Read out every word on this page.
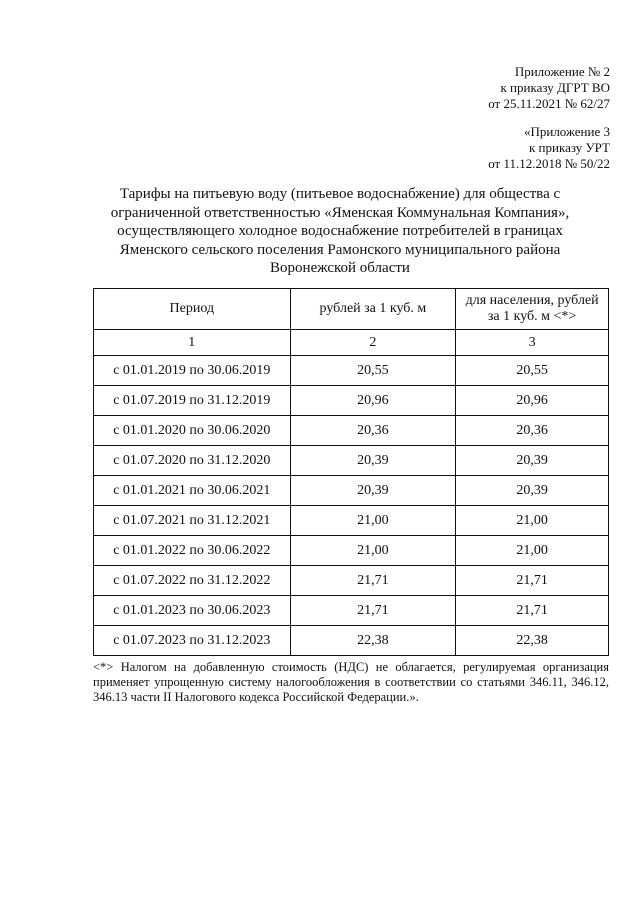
Приложение № 2
к приказу ДГРТ ВО
от 25.11.2021 № 62/27
«Приложение 3
к приказу УРТ
от 11.12.2018 № 50/22
Тарифы на питьевую воду (питьевое водоснабжение) для общества с
ограниченной ответственностью «Яменская Коммунальная Компания»,
осуществляющего холодное водоснабжение потребителей в границах
Яменского сельского поселения Рамонского муниципального района
Воронежской области
Период	рублей за 1 куб. м	для населения, рублей
за 1 куб. м <*>

1	2	3
с 01.01.2019 по 30.06.2019	20,55	20,55
с 01.07.2019 по 31.12.2019	20,96	20,96
с 01.01.2020 по 30.06.2020	20,36	20,36
с 01.07.2020 по 31.12.2020	20,39	20,39
с 01.01.2021 по 30.06.2021	20,39	20,39
с 01.07.2021 по 31.12.2021	21,00	21,00
с 01.01.2022 по 30.06.2022	21,00	21,00
с 01.07.2022 по 31.12.2022	21,71	21,71
с 01.01.2023 по 30.06.2023	21,71	21,71
с 01.07.2023 по 31.12.2023	22,38	22,38
<*> Налогом на добавленную стоимость (НДС) не облагается, регулируемая организация применяет упрощенную систему налогообложения в соответствии со статьями 346.11, 346.12, 346.13 части II Налогового кодекса Российской Федерации.».
